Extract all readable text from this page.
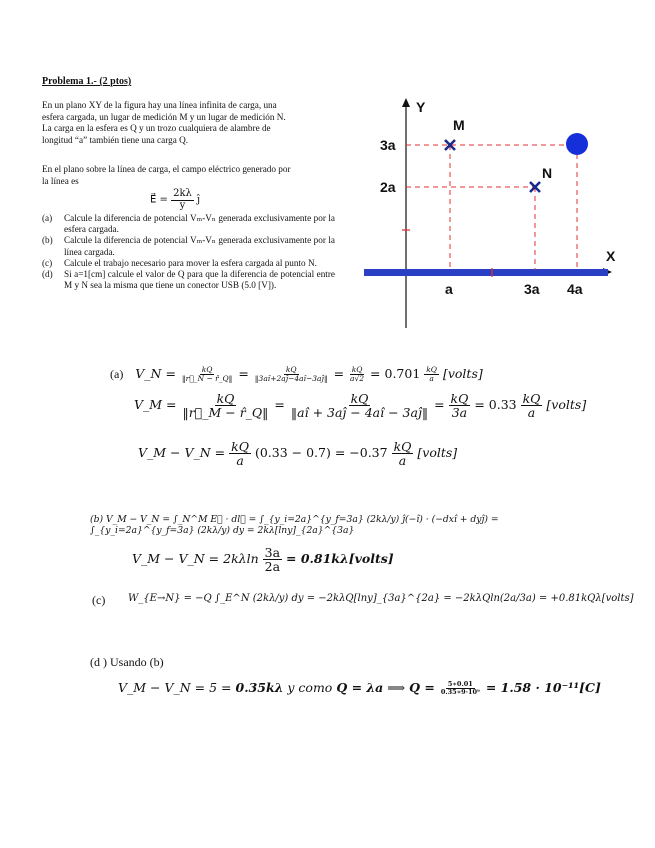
Problema 1.- (2 ptos)
En un plano XY de la figura hay una línea infinita de carga, una
esfera cargada, un lugar de medición M y un lugar de medición N.
La carga en la esfera es Q y un trozo cualquiera de alambre de
longitud “a” también tiene una carga Q.
En el plano sobre la línea de carga, el campo eléctrico generado por
la línea es
E⃗ = $\frac{2k\lambda}{y}$ ĵ
(a)	Calcule la diferencia de potencial Vₘ-Vₙ generada exclusivamente por la esfera cargada.
(b)	Calcule la diferencia de potencial Vₘ-Vₙ generada exclusivamente por la línea cargada.
(c)	Calcule el trabajo necesario para mover la esfera cargada al punto N.
(d)	Si a=1[cm] calcule el valor de Q para que la diferencia de potencial entre M y N sea la misma que tiene un conector USB (5.0 [V]).
Y
X
M
N
3a
2a
a	3a 4a
(a) V_N = $\frac{kQ}{‖r⃗\_N - r̂\_Q‖} = \frac{kQ}{‖3aî+2aĵ-4aî-3aĵ‖} = \frac{kQ}{a√2} = 0.701 \frac{kQ}{a}$ [volts]
V_M = $\frac{kQ}{‖r⃗\_M - r̂\_Q‖} = \frac{kQ}{‖aî + 3aĵ - 4aî - 3aĵ‖} = \frac{kQ}{3a} = 0.33 \frac{kQ}{a}$ [volts]
V_M − V_N = $\frac{kQ}{a} (0.33 - 0.7) = -0.37 \frac{kQ}{a}$ [volts]
(b) V_M − V_N = ∫_N^M E⃗ · dl⃗ = ∫_{y_i=2a}^{y_f=3a} (2kλ/y) ĵ(−î) · (−dxî + dyĵ) = ∫_{y_i=2a}^{y_f=3a} (2kλ/y) dy = 2kλ[lny]_{2a}^{3a}
V_M − V_N = $2k\lambda\ln \frac{3a}{2a}$ = 0.81kλ[volts]
(c) W_{E→N} = −Q ∫_E^N (2kλ/y) dy = −2kλQ[lny]_{3a}^{2a} = −2kλQln(2a/3a) = +0.81kQλ[volts]
(d ) Usando (b)
V_M − V_N = 5 = 0.35kλ y como Q = λa ⟹ $Q = \frac{5∗0.01}{\text{0.35∗9·10⁹}} = 1.58 \cdot 10^{-11}[C]$
